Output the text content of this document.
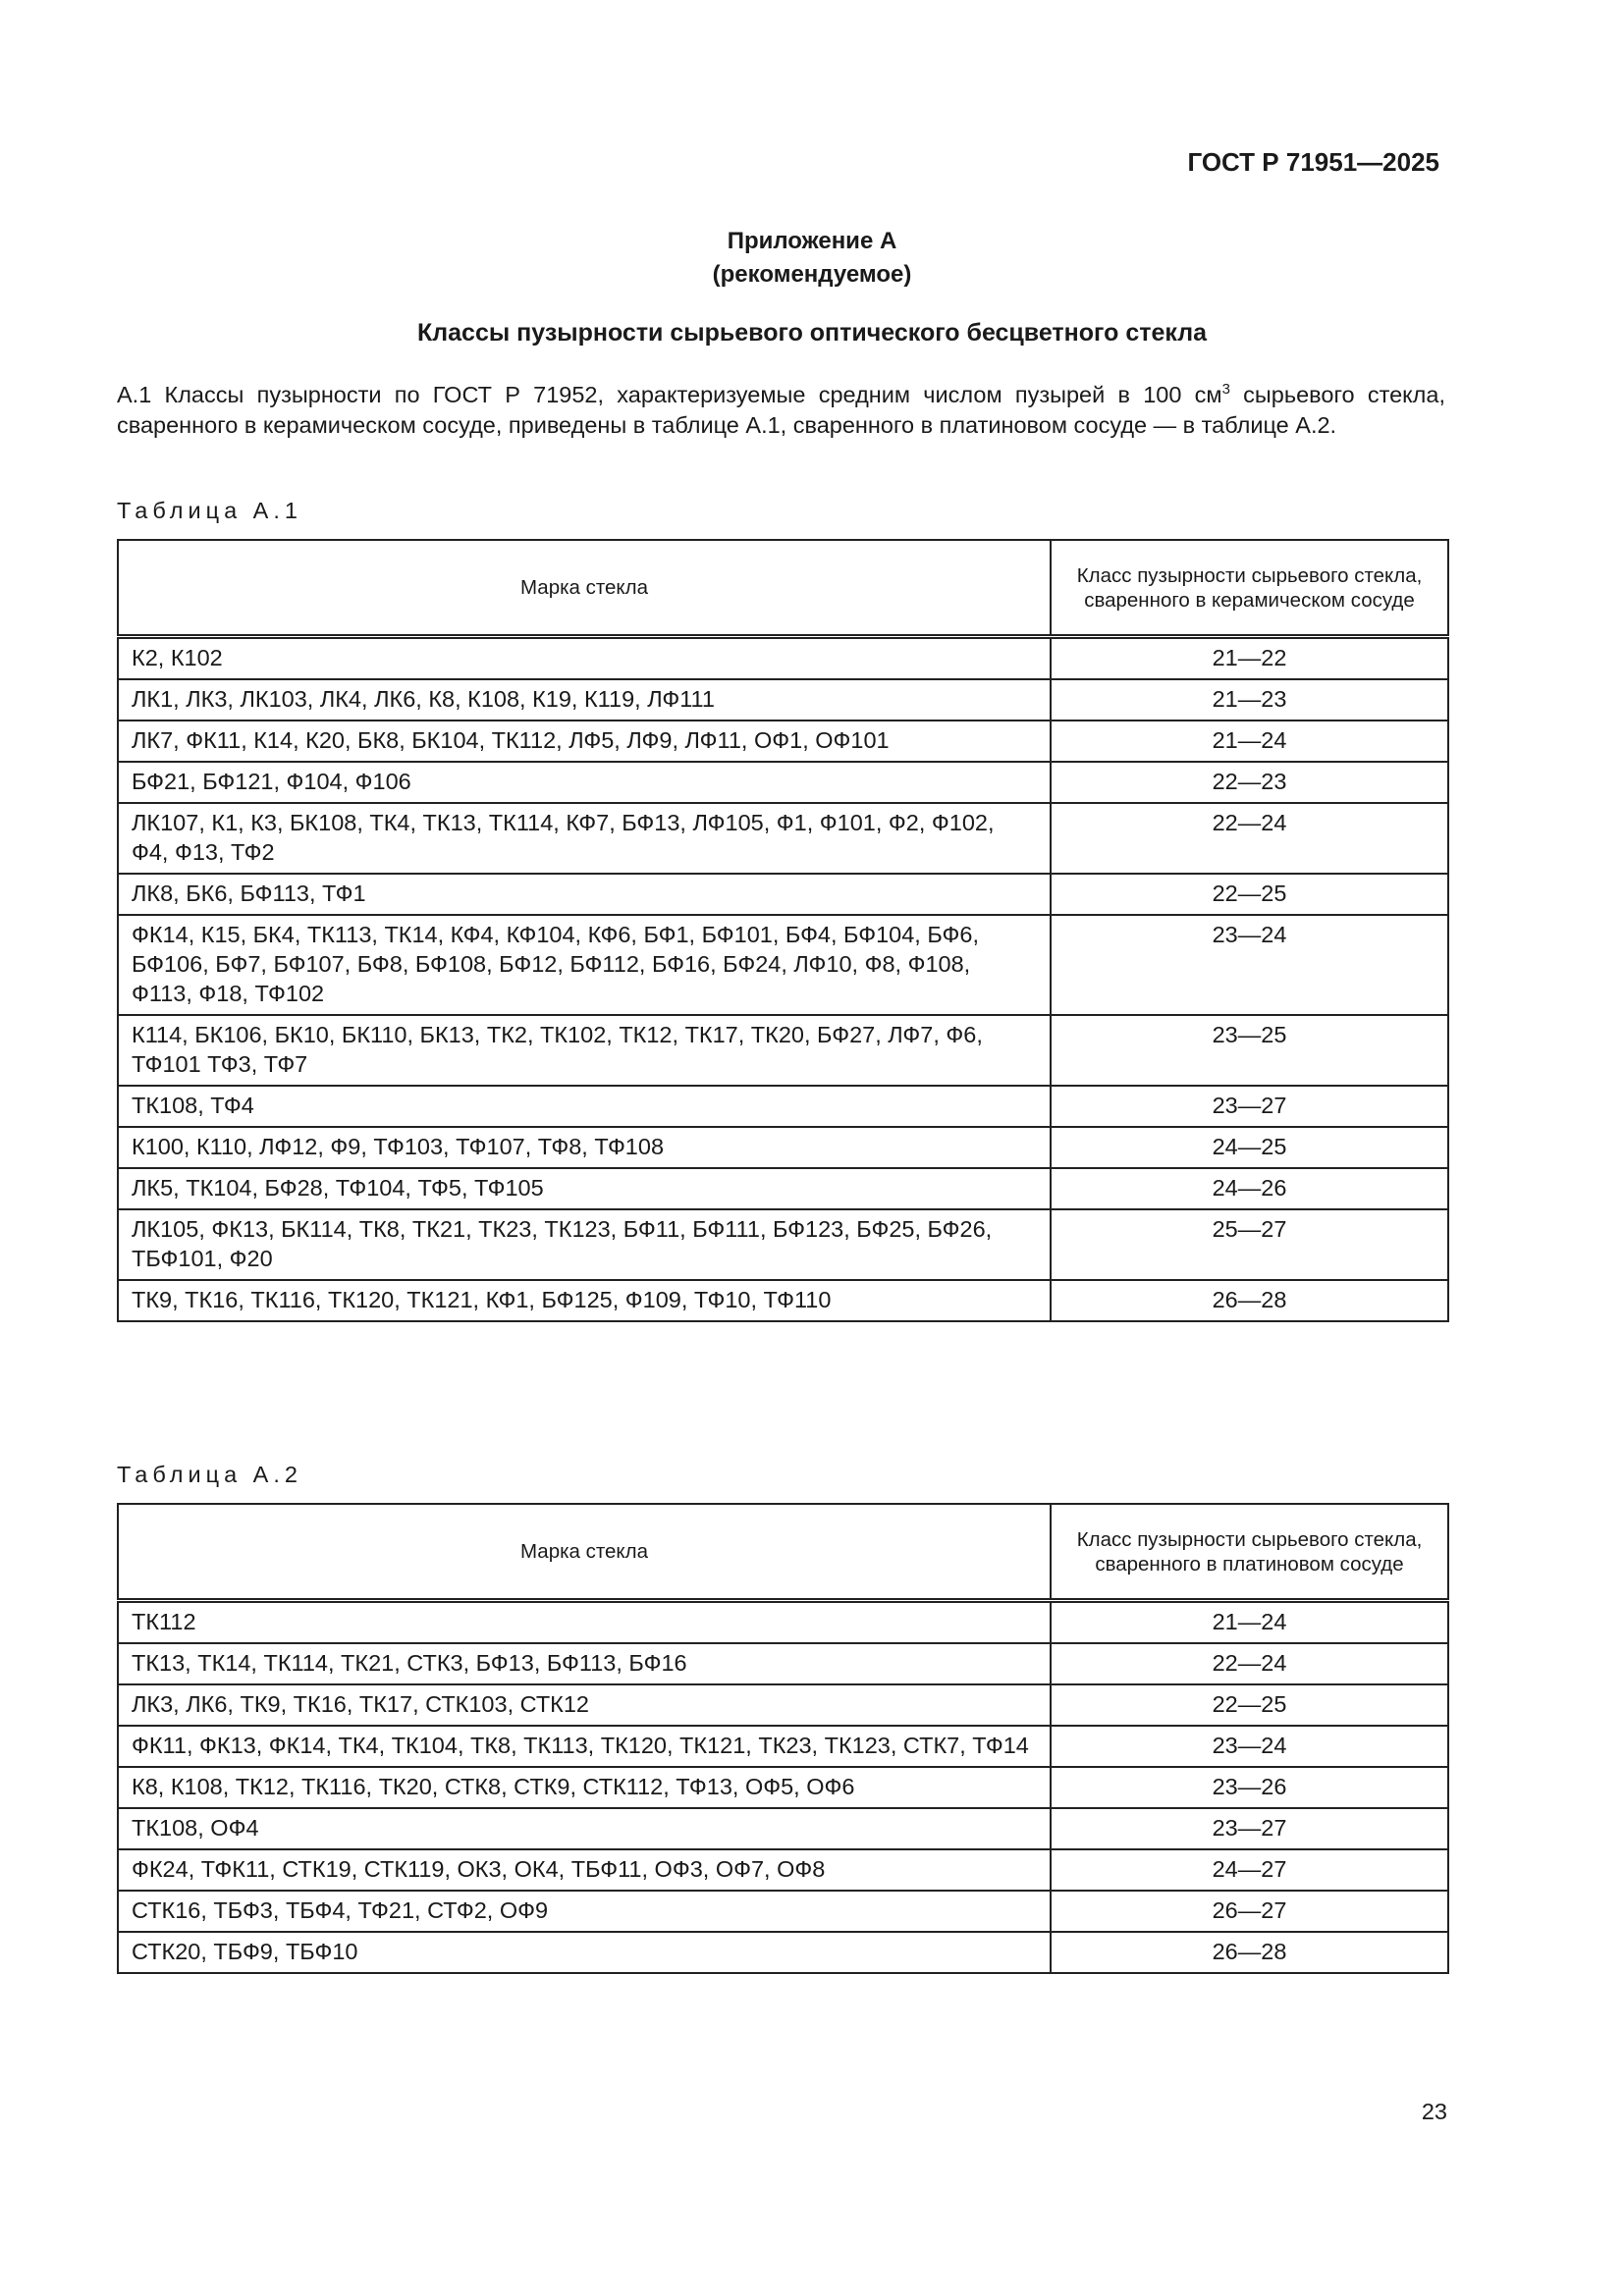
ГОСТ Р 71951—2025
Приложение А
(рекомендуемое)
Классы пузырности сырьевого оптического бесцветного стекла
А.1 Классы пузырности по ГОСТ Р 71952, характеризуемые средним числом пузырей в 100 $см^3$ сырьевого стекла, сваренного в керамическом сосуде, приведены в таблице А.1, сваренного в платиновом сосуде — в таблице А.2.
Таблица А.1
Марка стекла	Класс пузырности сырьевого стекла, сваренного в керамическом сосуде
К2, К102	21—22
ЛК1, ЛК3, ЛК103, ЛК4, ЛК6, К8, К108, К19, К119, ЛФ111	21—23
ЛК7, ФК11, К14, К20, БК8, БК104, ТК112, ЛФ5, ЛФ9, ЛФ11, ОФ1, ОФ101	21—24
БФ21, БФ121, Ф104, Ф106	22—23
ЛК107, К1, К3, БК108, ТК4, ТК13, ТК114, КФ7, БФ13, ЛФ105, Ф1, Ф101, Ф2, Ф102, Ф4, Ф13, ТФ2	22—24
ЛК8, БК6, БФ113, ТФ1	22—25
ФК14, К15, БК4, ТК113, ТК14, КФ4, КФ104, КФ6, БФ1, БФ101, БФ4, БФ104, БФ6, БФ106, БФ7, БФ107, БФ8, БФ108, БФ12, БФ112, БФ16, БФ24, ЛФ10, Ф8, Ф108, Ф113, Ф18, ТФ102	23—24
К114, БК106, БК10, БК110, БК13, ТК2, ТК102, ТК12, ТК17, ТК20, БФ27, ЛФ7, Ф6, ТФ101 ТФ3, ТФ7	23—25
ТК108, ТФ4	23—27
К100, К110, ЛФ12, Ф9, ТФ103, ТФ107, ТФ8, ТФ108	24—25
ЛК5, ТК104, БФ28, ТФ104, ТФ5, ТФ105	24—26
ЛК105, ФК13, БК114, ТК8, ТК21, ТК23, ТК123, БФ11, БФ111, БФ123, БФ25, БФ26, ТБФ101, Ф20	25—27
ТК9, ТК16, ТК116, ТК120, ТК121, КФ1, БФ125, Ф109, ТФ10, ТФ110	26—28
Таблица А.2
Марка стекла	Класс пузырности сырьевого стекла, сваренного в платиновом сосуде
ТК112	21—24
ТК13, ТК14, ТК114, ТК21, СТК3, БФ13, БФ113, БФ16	22—24
ЛК3, ЛК6, ТК9, ТК16, ТК17, СТК103, СТК12	22—25
ФК11, ФК13, ФК14, ТК4, ТК104, ТК8, ТК113, ТК120, ТК121, ТК23, ТК123, СТК7, ТФ14	23—24
К8, К108, ТК12, ТК116, ТК20, СТК8, СТК9, СТК112, ТФ13, ОФ5, ОФ6	23—26
ТК108, ОФ4	23—27
ФК24, ТФК11, СТК19, СТК119, ОК3, ОК4, ТБФ11, ОФ3, ОФ7, ОФ8	24—27
СТК16, ТБФ3, ТБФ4, ТФ21, СТФ2, ОФ9	26—27
СТК20, ТБФ9, ТБФ10	26—28
23
